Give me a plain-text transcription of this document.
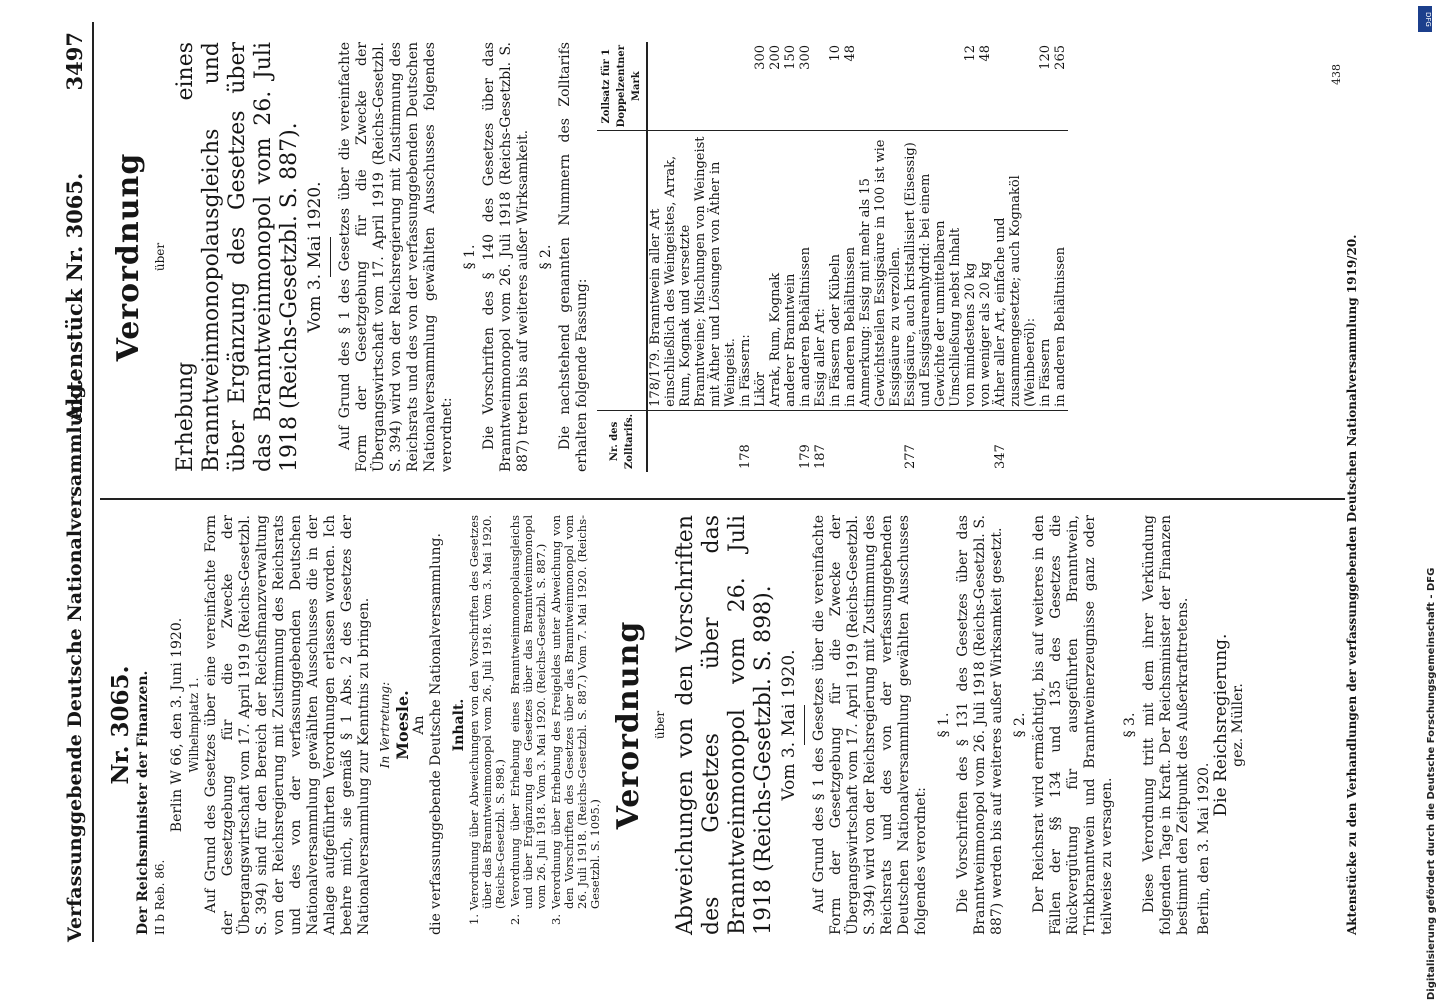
Verfassunggebende Deutsche Nationalversammlung.
Aktenstück Nr. 3065.
3497
Nr. 3065. Der Reichsminister der Finanzen. II b Reb. 86.
Berlin W 66, den 3. Juni 1920. Wilhelmplatz 1. Auf Grund des Gesetzes über eine vereinfachte Form der Gesetzgebung für die Zwecke der Übergangswirtschaft vom 17. April 1919 (Reichs-Gesetzbl. S. 394) sind für den Bereich der Reichsfinanzverwaltung von der Reichsregierung mit Zustimmung des Reichsrats und des von der verfassunggebenden Deutschen Nationalversammlung gewählten Ausschusses die in der Anlage aufgeführten Verordnungen erlassen worden. Ich beehre mich, sie gemäß § 1 Abs. 2 des Gesetzes der Nationalversammlung zur Kenntnis zu bringen. In Vertretung: Moesle. An die verfassunggebende Deutsche Nationalversammlung. Inhalt. 1. Verordnung über Abweichungen von den Vorschriften des Gesetzes über das Branntweinmonopol vom 26. Juli 1918. Vom 3. Mai 1920. (Reichs-Gesetzbl. S. 898.) 2. Verordnung über Erhebung eines Branntweinmonopolausgleichs und über Ergänzung des Gesetzes über das Branntweinmonopol vom 26. Juli 1918. Vom 3. Mai 1920. (Reichs-Gesetzbl. S. 887.) 3. Verordnung über Erhebung des Freigeldes unter Abweichung von den Vorschriften des Gesetzes über das Branntweinmonopol vom 26. Juli 1918. (Reichs-Gesetzbl. S. 887.) Vom 7. Mai 1920. (Reichs-Gesetzbl. S. 1095.)
Verordnung über Abweichungen von den Vorschriften des Gesetzes über das Branntweinmonopol vom 26. Juli 1918 (Reichs-Gesetzbl. S. 898). Vom 3. Mai 1920. Auf Grund des § 1 des Gesetzes über die vereinfachte Form der Gesetzgebung für die Zwecke der Übergangswirtschaft vom 17. April 1919 (Reichs-Gesetzbl. S. 394) wird von der Reichsregierung mit Zustimmung des Reichsrats und des von der verfassunggebenden Deutschen Nationalversammlung gewählten Ausschusses folgendes verordnet:

§ 1. Die Vorschriften des § 131 des Gesetzes über das Branntweinmonopol vom 26. Juli 1918 (Reichs-Gesetzbl. S. 887) werden bis auf weiteres außer Wirksamkeit gesetzt. § 2. Der Reichsrat wird ermächtigt, bis auf weiteres in den Fällen der §§ 134 und 135 des Gesetzes die Rückvergütung für ausgeführten Branntwein, Trinkbranntwein und Branntweinerzeugnisse ganz oder teilweise zu versagen.

§ 3. Diese Verordnung tritt mit dem ihrer Verkündung folgenden Tage in Kraft. Der Reichsminister der Finanzen bestimmt den Zeitpunkt des Außerkrafttretens. Berlin, den 3. Mai 1920.
Die Reichsregierung. gez. Müller.
Verordnung über Erhebung eines Branntweinmonopolausgleichs und über Ergänzung des Gesetzes über das Branntweinmonopol vom 26. Juli 1918 (Reichs-Gesetzbl. S. 887). Vom 3. Mai 1920. Auf Grund des § 1 des Gesetzes über die vereinfachte Form der Gesetzgebung für die Zwecke der Übergangswirtschaft vom 17. April 1919 (Reichs-Gesetzbl. S. 394) wird von der Reichsregierung mit Zustimmung des Reichsrats und des von der verfassunggebenden Deutschen Nationalversammlung gewählten Ausschusses folgendes verordnet:

§ 1. Die Vorschriften des § 140 des Gesetzes über das Branntweinmonopol vom 26. Juli 1918 (Reichs-Gesetzbl. S. 887) treten bis auf weiteres außer Wirksamkeit. § 2. Die nachstehend genannten Nummern des Zolltarifs erhalten folgende Fassung: Nr. des Zolltarifs.		Zollsatz für 1 Doppelzentner Mark
	178/179. Branntwein aller Art einschließlich des Weingeistes, Arrak, Rum, Kognak und versetzte Branntweine; Mischungen von Weingeist mit Äther und Lösungen von Äther in Weingeist.	
178	in Fässern:	
	Likör	300
	Arrak, Rum, Kognak	200
	anderer Branntwein	150
179	in anderen Behältnissen	300
187	Essig aller Art:	
	in Fässern oder Kübeln	10
	in anderen Behältnissen	48
	Anmerkung: Essig mit mehr als 15 Gewichtsteilen Essigsäure in 100 ist wie Essigsäure zu verzollen.	
277	Essigsäure, auch kristallisiert (Eisessig) und Essigsäureanhydrid: bei einem Gewichte der unmittelbaren Umschließung nebst Inhalt	
	von mindestens 20 kg	12
	von weniger als 20 kg	48
347	Äther aller Art, einfache und zusammengesetzte; auch Kognaköl (Weinbeeröl):	
	in Fässern	120
	in anderen Behältnissen	265
Aktenstücke zu den Verhandlungen der verfassunggebenden Deutschen Nationalversammlung 1919/20.
438
DFG
Digitalisierung gefördert durch die Deutsche Forschungsgemeinschaft - DFG
